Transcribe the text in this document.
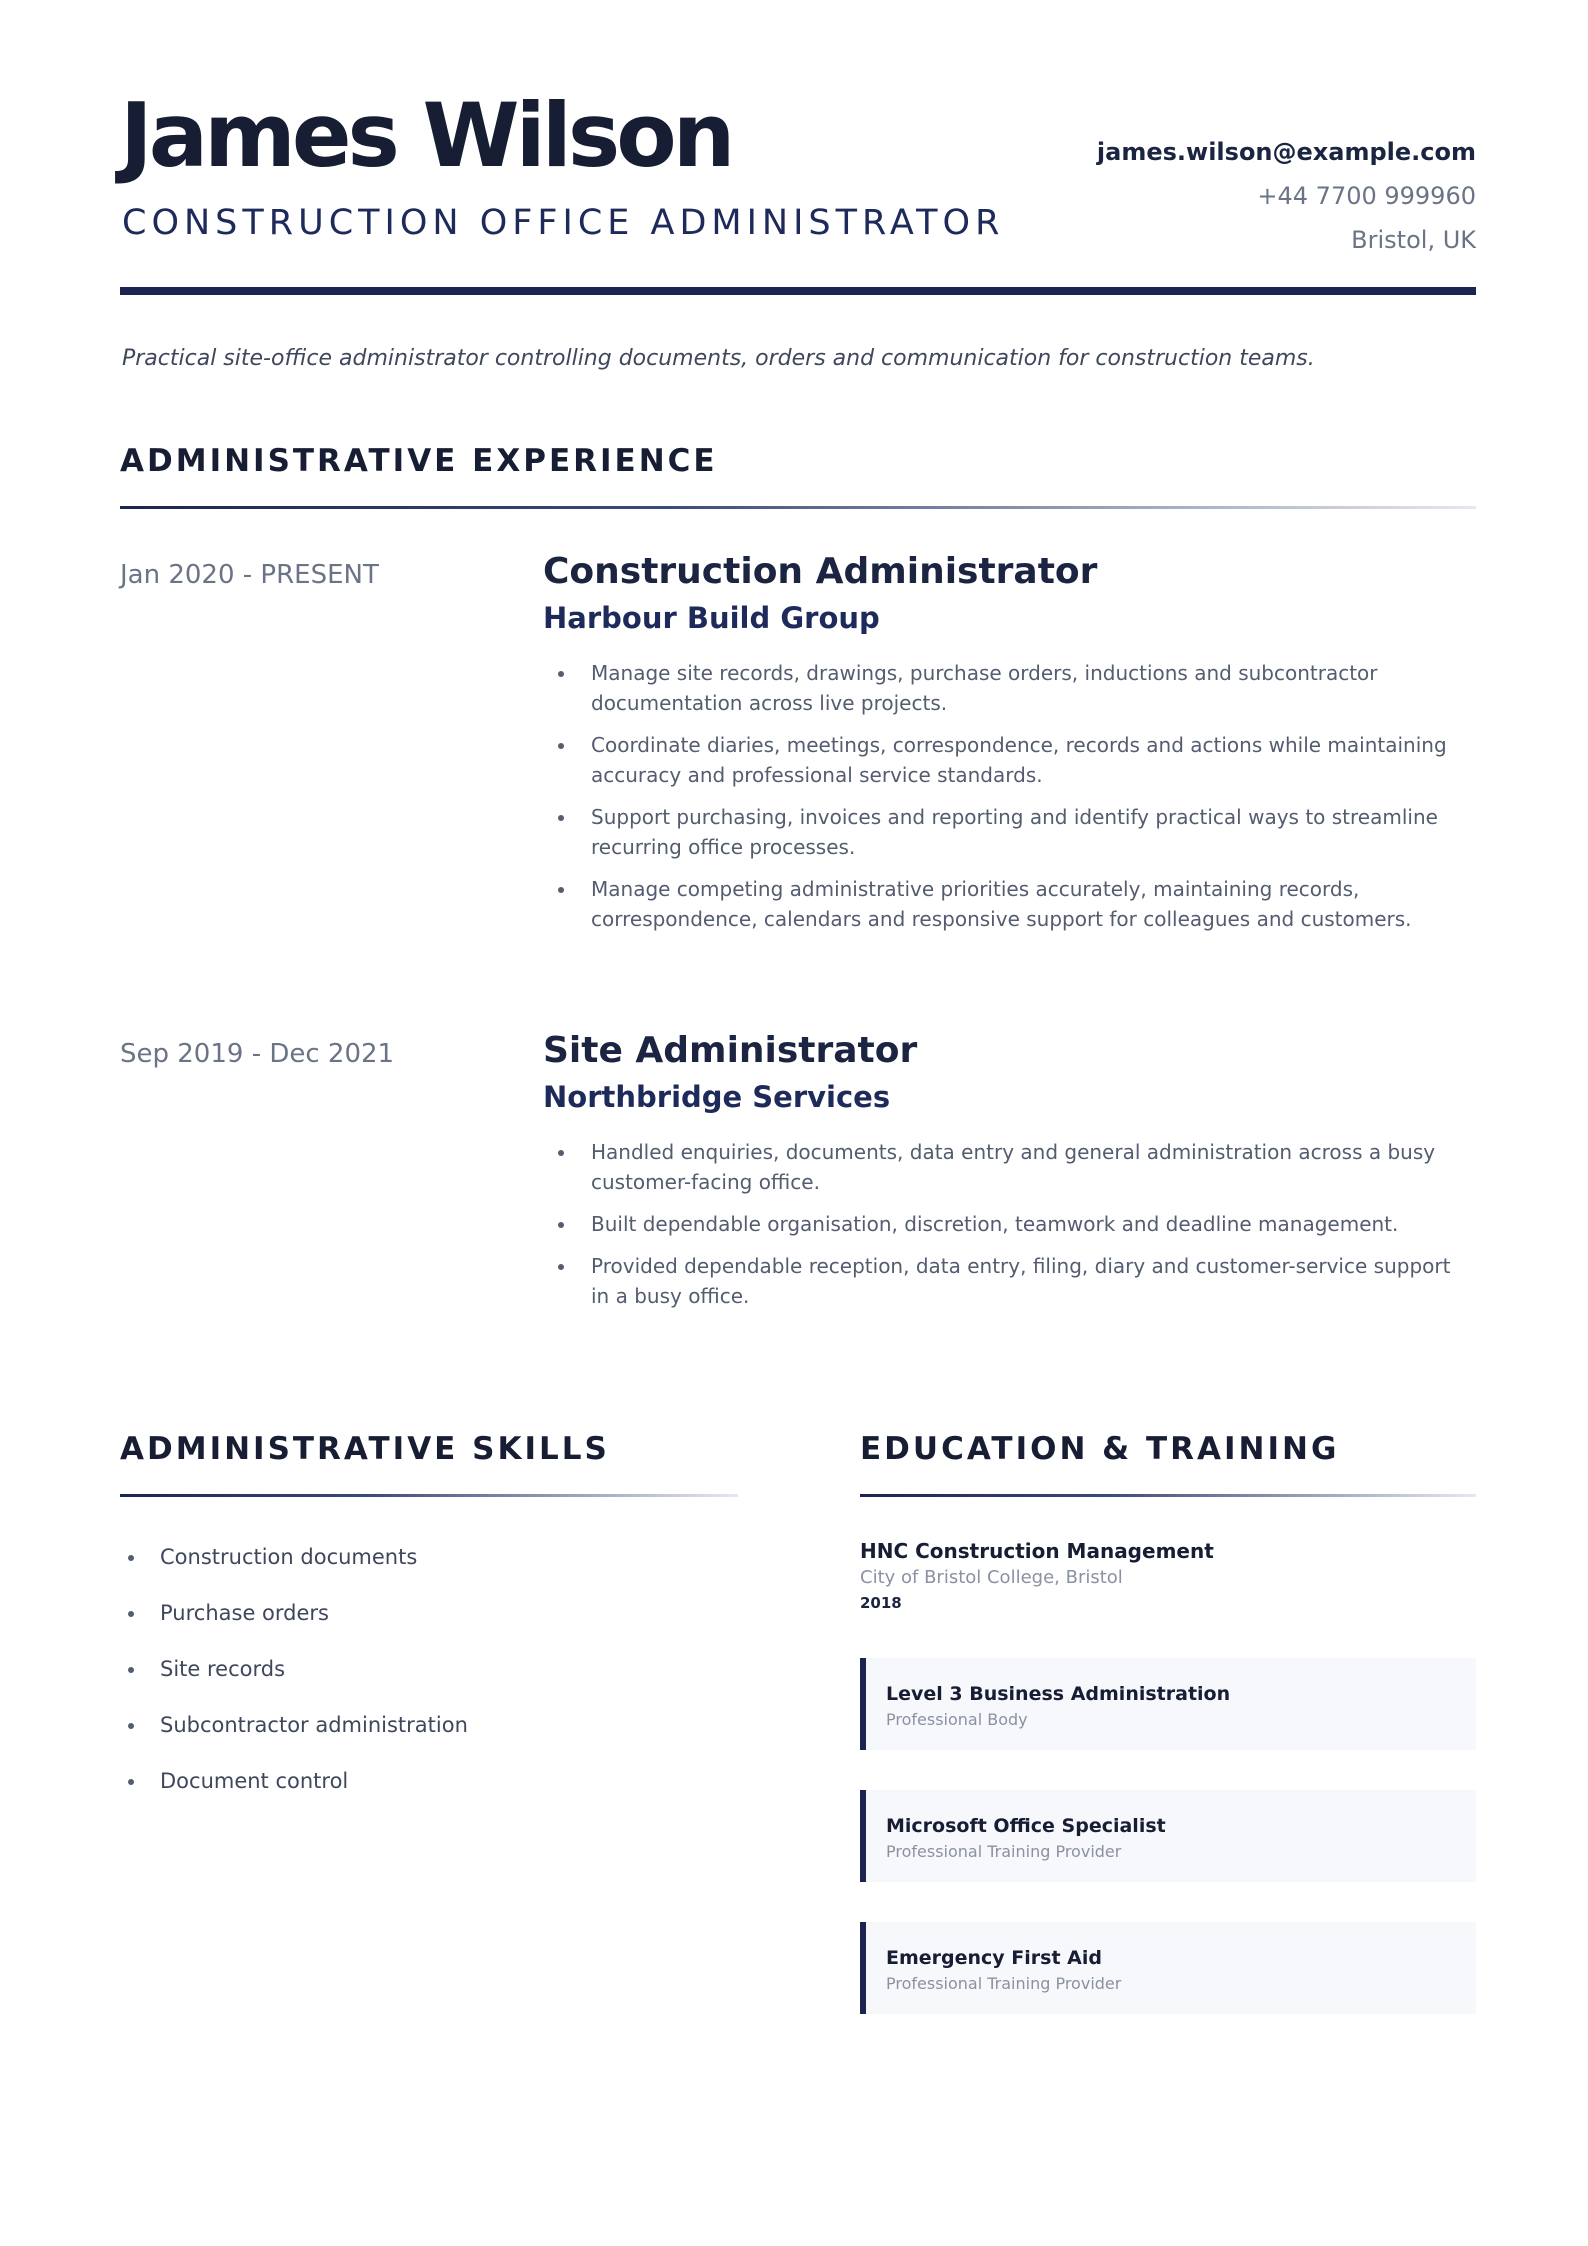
James Wilson
CONSTRUCTION OFFICE ADMINISTRATOR
james.wilson@example.com
+44 7700 999960
Bristol, UK

Practical site-office administrator controlling documents, orders and communication for construction teams.

ADMINISTRATIVE EXPERIENCE
Jan 2020 - PRESENT	Construction Administrator
Harbour Build Group
Manage site records, drawings, purchase orders, inductions and subcontractor documentation across live projects.
Coordinate diaries, meetings, correspondence, records and actions while maintaining accuracy and professional service standards.
Support purchasing, invoices and reporting and identify practical ways to streamline recurring office processes.
Manage competing administrative priorities accurately, maintaining records, correspondence, calendars and responsive support for colleagues and customers.
Sep 2019 - Dec 2021	Site Administrator
Northbridge Services
Handled enquiries, documents, data entry and general administration across a busy customer-facing office.
Built dependable organisation, discretion, teamwork and deadline management.
Provided dependable reception, data entry, filing, diary and customer-service support in a busy office.
ADMINISTRATIVE SKILLS
Construction documents
Purchase orders
Site records
Subcontractor administration
Document control
EDUCATION & TRAINING
HNC Construction Management
City of Bristol College, Bristol
2018
Level 3 Business Administration
Professional Body
Microsoft Office Specialist
Professional Training Provider
Emergency First Aid
Professional Training Provider
